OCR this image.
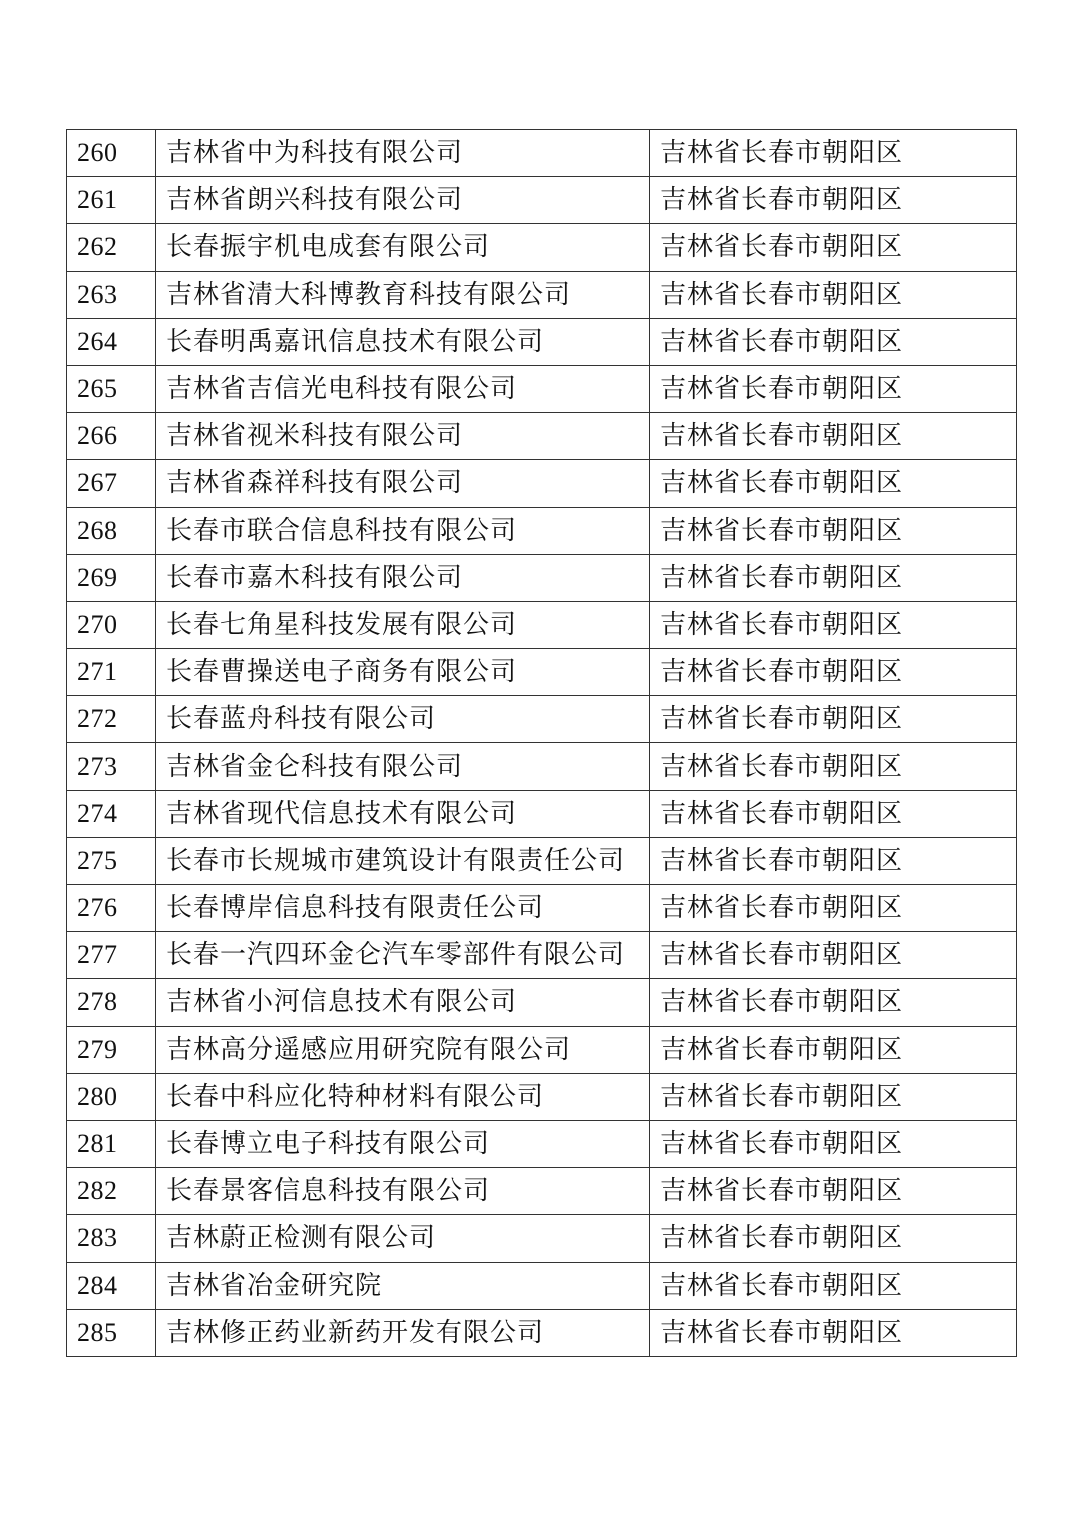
260	吉林省中为科技有限公司	吉林省长春市朝阳区
261	吉林省朗兴科技有限公司	吉林省长春市朝阳区
262	长春振宇机电成套有限公司	吉林省长春市朝阳区
263	吉林省清大科博教育科技有限公司	吉林省长春市朝阳区
264	长春明禹嘉讯信息技术有限公司	吉林省长春市朝阳区
265	吉林省吉信光电科技有限公司	吉林省长春市朝阳区
266	吉林省视米科技有限公司	吉林省长春市朝阳区
267	吉林省森祥科技有限公司	吉林省长春市朝阳区
268	长春市联合信息科技有限公司	吉林省长春市朝阳区
269	长春市嘉木科技有限公司	吉林省长春市朝阳区
270	长春七角星科技发展有限公司	吉林省长春市朝阳区
271	长春曹操送电子商务有限公司	吉林省长春市朝阳区
272	长春蓝舟科技有限公司	吉林省长春市朝阳区
273	吉林省金仑科技有限公司	吉林省长春市朝阳区
274	吉林省现代信息技术有限公司	吉林省长春市朝阳区
275	长春市长规城市建筑设计有限责任公司	吉林省长春市朝阳区
276	长春博岸信息科技有限责任公司	吉林省长春市朝阳区
277	长春一汽四环金仑汽车零部件有限公司	吉林省长春市朝阳区
278	吉林省小河信息技术有限公司	吉林省长春市朝阳区
279	吉林高分遥感应用研究院有限公司	吉林省长春市朝阳区
280	长春中科应化特种材料有限公司	吉林省长春市朝阳区
281	长春博立电子科技有限公司	吉林省长春市朝阳区
282	长春景客信息科技有限公司	吉林省长春市朝阳区
283	吉林蔚正检测有限公司	吉林省长春市朝阳区
284	吉林省冶金研究院	吉林省长春市朝阳区
285	吉林修正药业新药开发有限公司	吉林省长春市朝阳区
